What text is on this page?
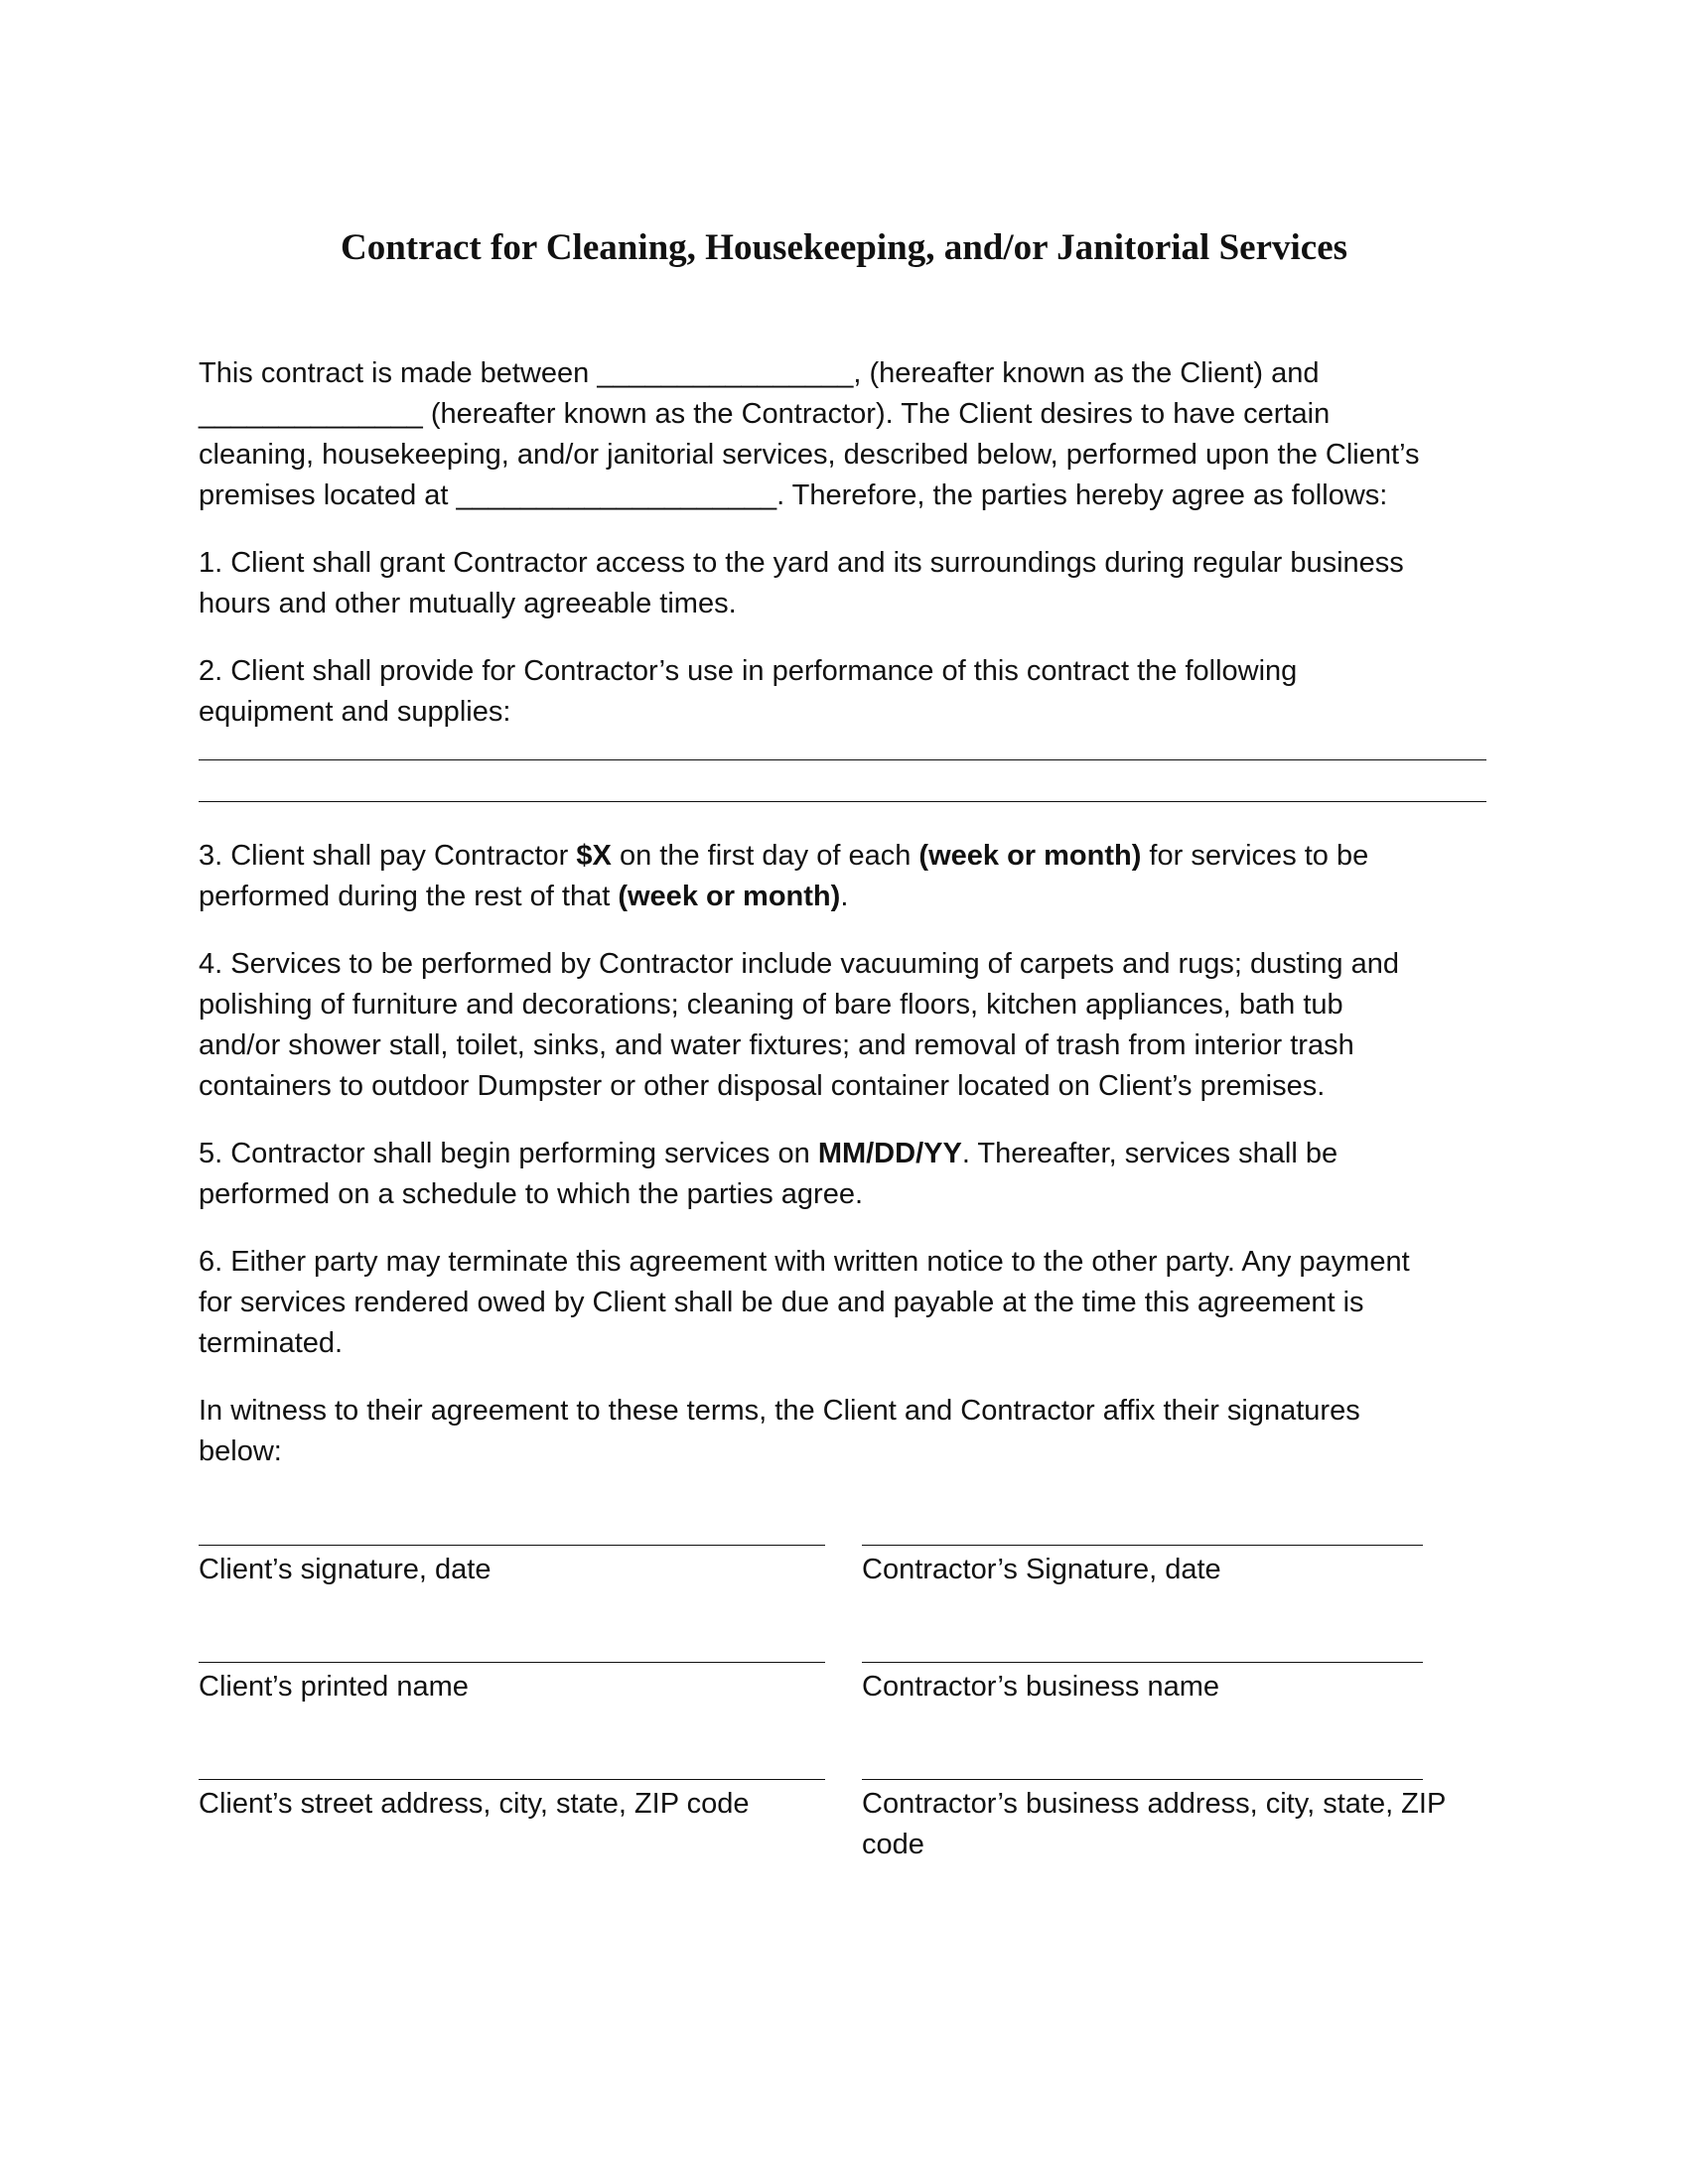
Contract for Cleaning, Housekeeping, and/or Janitorial Services

This contract is made between ________________, (hereafter known as the Client) and
______________ (hereafter known as the Contractor). The Client desires to have certain
cleaning, housekeeping, and/or janitorial services, described below, performed upon the Client’s
premises located at ____________________. Therefore, the parties hereby agree as follows:

1. Client shall grant Contractor access to the yard and its surroundings during regular business
hours and other mutually agreeable times.

2. Client shall provide for Contractor’s use in performance of this contract the following
equipment and supplies:

3. Client shall pay Contractor $X on the first day of each (week or month) for services to be
performed during the rest of that (week or month).

4. Services to be performed by Contractor include vacuuming of carpets and rugs; dusting and
polishing of furniture and decorations; cleaning of bare floors, kitchen appliances, bath tub
and/or shower stall, toilet, sinks, and water fixtures; and removal of trash from interior trash
containers to outdoor Dumpster or other disposal container located on Client’s premises.

5. Contractor shall begin performing services on MM/DD/YY. Thereafter, services shall be
performed on a schedule to which the parties agree.

6. Either party may terminate this agreement with written notice to the other party. Any payment
for services rendered owed by Client shall be due and payable at the time this agreement is
terminated.

In witness to their agreement to these terms, the Client and Contractor affix their signatures
below:

Client’s signature, date	Contractor’s Signature, date
Client’s printed name	Contractor’s business name
Client’s street address, city, state, ZIP code	Contractor’s business address, city, state, ZIP
code
